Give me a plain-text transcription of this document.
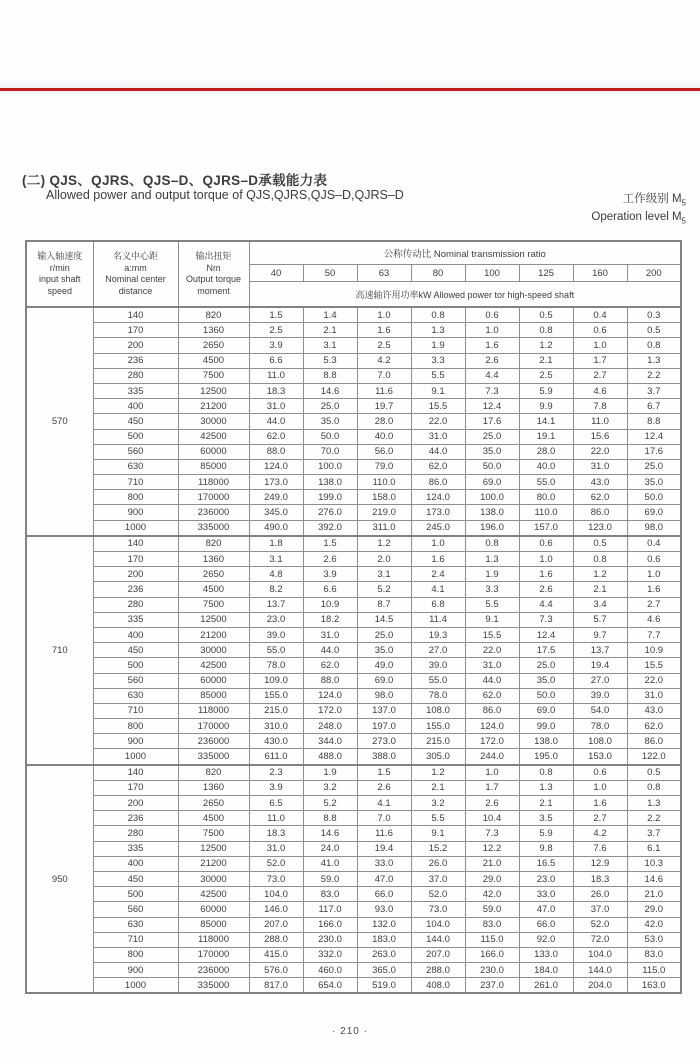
(二) QJS、QJRS、QJS–D、QJRS–D承载能力表
Allowed power and output torque of QJS,QJRS,QJS–D,QJRS–D	工作级别 $M_5$
Operation level $M_5$
输入轴速度
r/min
input shaft
speed

名义中心距
a:mm
Nominal center
distance

输出扭矩
Nm
Output torque
moment
	公称传动比 Nominal transmission ratio
			40	50	63	80	100	125	160	200
			高速轴许用功率kW Allowed power tor high-speed shaft							
570	140	820	1.5	1.4	1.0	0.8	0.6	0.5	0.4	0.3
	170	1360	2.5	2.1	1.6	1.3	1.0	0.8	0.6	0.5
	200	2650	3.9	3.1	2.5	1.9	1.6	1.2	1.0	0.8
	236	4500	6.6	5.3	4.2	3.3	2.6	2.1	1.7	1.3
	280	7500	11.0	8.8	7.0	5.5	4.4	2.5	2.7	2.2
	335	12500	18.3	14.6	11.6	9.1	7.3	5.9	4.6	3.7
	400	21200	31.0	25.0	19.7	15.5	12.4	9.9	7.8	6.7
	450	30000	44.0	35.0	28.0	22.0	17.6	14.1	11.0	8.8
	500	42500	62.0	50.0	40.0	31.0	25.0	19.1	15.6	12.4
	560	60000	88.0	70.0	56.0	44.0	35.0	28.0	22.0	17.6
	630	85000	124.0	100.0	79.0	62.0	50.0	40.0	31.0	25.0
	710	118000	173.0	138.0	110.0	86.0	69.0	55.0	43.0	35.0
	800	170000	249.0	199.0	158.0	124.0	100.0	80.0	62.0	50.0
	900	236000	345.0	276.0	219.0	173.0	138.0	110.0	86.0	69.0
	1000	335000	490.0	392.0	311.0	245.0	196.0	157.0	123.0	98.0
710	140	820	1.8	1.5	1.2	1.0	0.8	0.6	0.5	0.4
	170	1360	3.1	2.6	2.0	1.6	1.3	1.0	0.8	0.6
	200	2650	4.8	3.9	3.1	2.4	1.9	1.6	1.2	1.0
	236	4500	8.2	6.6	5.2	4.1	3.3	2.6	2.1	1.6
	280	7500	13.7	10.9	8.7	6.8	5.5	4.4	3.4	2.7
	335	12500	23.0	18.2	14.5	11.4	9.1	7.3	5.7	4.6
	400	21200	39.0	31.0	25.0	19.3	15.5	12.4	9.7	7.7
	450	30000	55.0	44.0	35.0	27.0	22.0	17.5	13.7	10.9
	500	42500	78.0	62.0	49.0	39.0	31.0	25.0	19.4	15.5
	560	60000	109.0	88.0	69.0	55.0	44.0	35.0	27.0	22.0
	630	85000	155.0	124.0	98.0	78.0	62.0	50.0	39.0	31.0
	710	118000	215.0	172.0	137.0	108.0	86.0	69.0	54.0	43.0
	800	170000	310.0	248.0	197.0	155.0	124.0	99.0	78.0	62.0
	900	236000	430.0	344.0	273.0	215.0	172.0	138.0	108.0	86.0
	1000	335000	611.0	488.0	388.0	305.0	244.0	195.0	153.0	122.0
950	140	820	2.3	1.9	1.5	1.2	1.0	0.8	0.6	0.5
	170	1360	3.9	3.2	2.6	2.1	1.7	1.3	1.0	0.8
	200	2650	6.5	5.2	4.1	3.2	2.6	2.1	1.6	1.3
	236	4500	11.0	8.8	7.0	5.5	10.4	3.5	2.7	2.2
	280	7500	18.3	14.6	11.6	9.1	7.3	5.9	4.2	3.7
	335	12500	31.0	24.0	19.4	15.2	12.2	9.8	7.6	6.1
	400	21200	52.0	41.0	33.0	26.0	21.0	16.5	12.9	10.3
	450	30000	73.0	59.0	47.0	37.0	29.0	23.0	18.3	14.6
	500	42500	104.0	83.0	66.0	52.0	42.0	33.0	26.0	21.0
	560	60000	146.0	117.0	93.0	73.0	59.0	47.0	37.0	29.0
	630	85000	207.0	166.0	132.0	104.0	83.0	66.0	52.0	42.0
	710	118000	288.0	230.0	183.0	144.0	115.0	92.0	72.0	53.0
	800	170000	415.0	332.0	263.0	207.0	166.0	133.0	104.0	83.0
	900	236000	576.0	460.0	365.0	288.0	230.0	184.0	144.0	115.0
	1000	335000	817.0	654.0	519.0	408.0	237.0	261.0	204.0	163.0
· 210 ·
